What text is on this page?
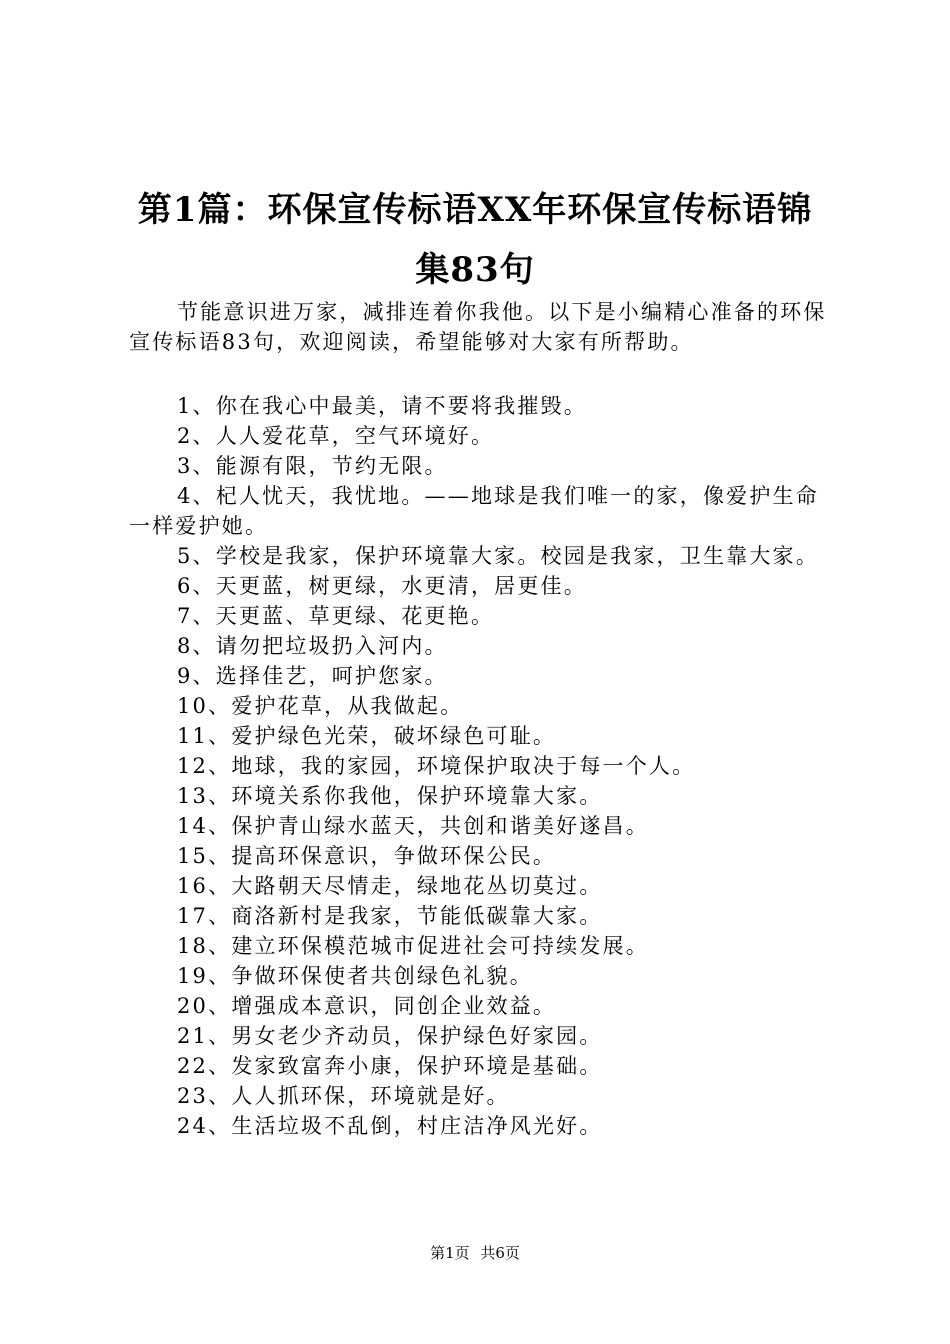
第1篇：环保宣传标语XX年环保宣传标语锦
集83句
节能意识进万家，减排连着你我他。以下是小编精心准备的环保宣传标语83句，欢迎阅读，希望能够对大家有所帮助。
1、你在我心中最美，请不要将我摧毁。
2、人人爱花草，空气环境好。
3、能源有限，节约无限。
4、杞人忧天，我忧地。——地球是我们唯一的家，像爱护生命一样爱护她。
5、学校是我家，保护环境靠大家。校园是我家，卫生靠大家。
6、天更蓝，树更绿，水更清，居更佳。
7、天更蓝、草更绿、花更艳。
8、请勿把垃圾扔入河内。
9、选择佳艺，呵护您家。
10、爱护花草，从我做起。
11、爱护绿色光荣，破坏绿色可耻。
12、地球，我的家园，环境保护取决于每一个人。
13、环境关系你我他，保护环境靠大家。
14、保护青山绿水蓝天，共创和谐美好遂昌。
15、提高环保意识，争做环保公民。
16、大路朝天尽情走，绿地花丛切莫过。
17、商洛新村是我家，节能低碳靠大家。
18、建立环保模范城市促进社会可持续发展。
19、争做环保使者共创绿色礼貌。
20、增强成本意识，同创企业效益。
21、男女老少齐动员，保护绿色好家园。
22、发家致富奔小康，保护环境是基础。
23、人人抓环保，环境就是好。
24、生活垃圾不乱倒，村庄洁净风光好。
第1页 共6页
